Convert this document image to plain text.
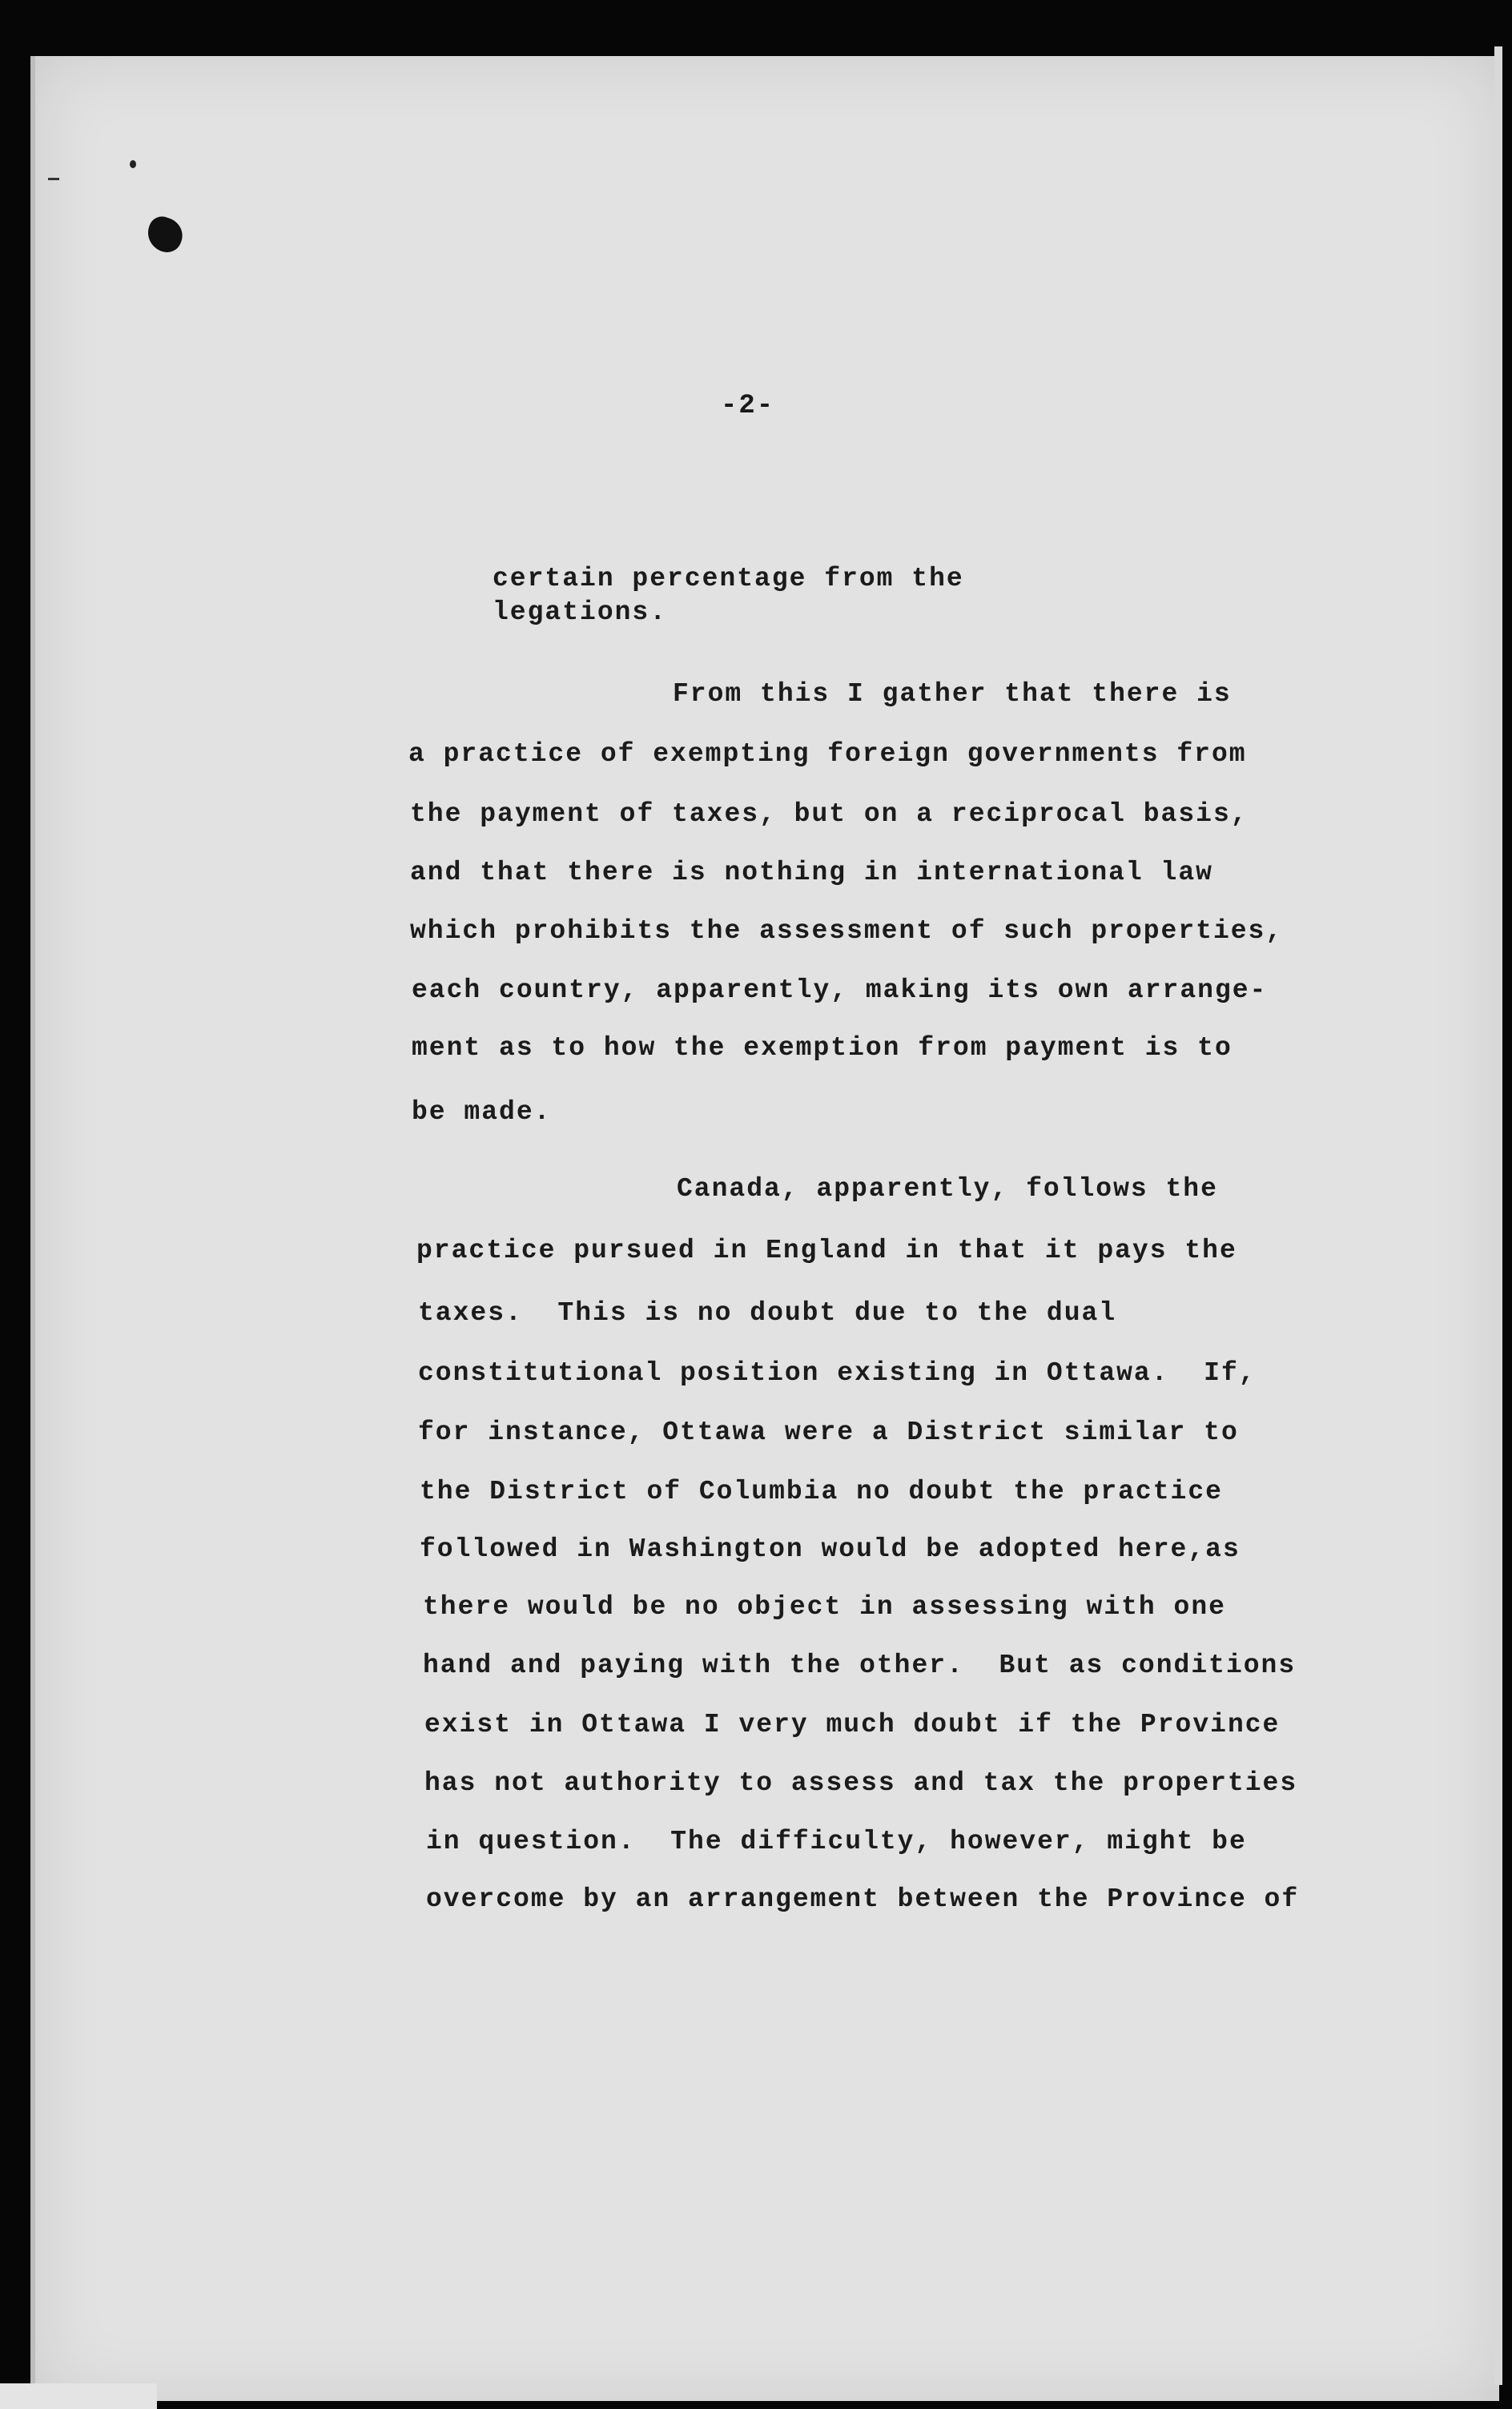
-2-
certain percentage from the
legations.
From this I gather that there is
a practice of exempting foreign governments from
the payment of taxes, but on a reciprocal basis,
and that there is nothing in international law
which prohibits the assessment of such properties,
each country, apparently, making its own arrange-
ment as to how the exemption from payment is to
be made.
Canada, apparently, follows the
practice pursued in England in that it pays the
taxes.  This is no doubt due to the dual
constitutional position existing in Ottawa.  If,
for instance, Ottawa were a District similar to
the District of Columbia no doubt the practice
followed in Washington would be adopted here,as
there would be no object in assessing with one
hand and paying with the other.  But as conditions
exist in Ottawa I very much doubt if the Province
has not authority to assess and tax the properties
in question.  The difficulty, however, might be
overcome by an arrangement between the Province of
